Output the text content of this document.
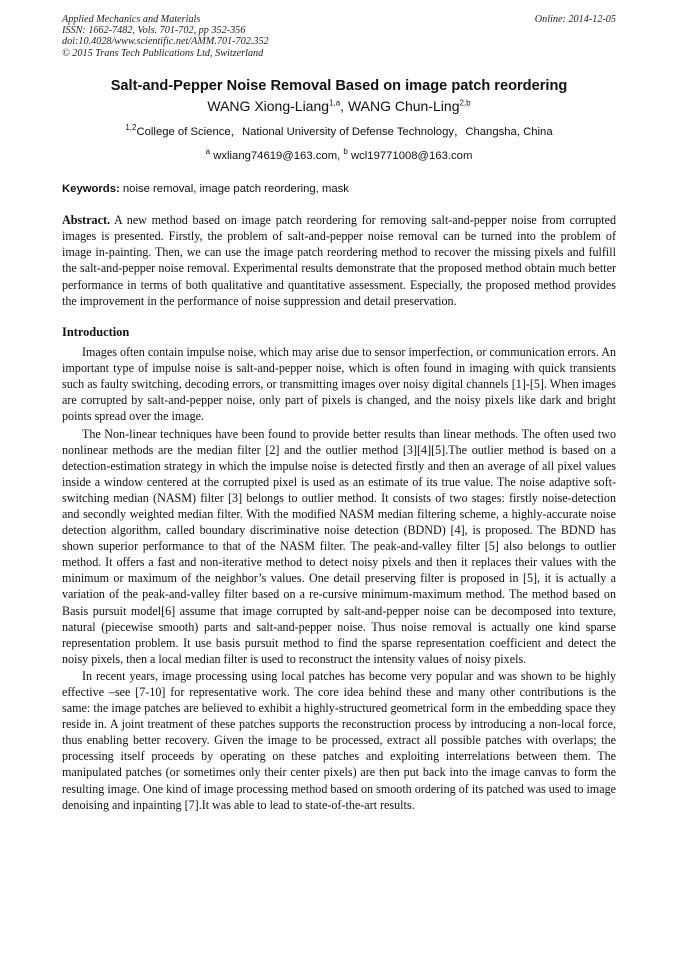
Applied Mechanics and Materials
ISSN: 1662-7482, Vols. 701-702, pp 352-356
doi:10.4028/www.scientific.net/AMM.701-702.352
© 2015 Trans Tech Publications Ltd, Switzerland
Online: 2014-12-05
Salt-and-Pepper Noise Removal Based on image patch reordering
WANG Xiong-Liang$^{1,a}$, WANG Chun-Ling$^{2,b}$
$^{1,2}$College of Science，National University of Defense Technology，Changsha, China
$^a$ wxliang74619@163.com, $^b$ wcl19771008@163.com
Keywords: noise removal, image patch reordering, mask
Abstract. A new method based on image patch reordering for removing salt-and-pepper noise from corrupted images is presented. Firstly, the problem of salt-and-pepper noise removal can be turned into the problem of image in-painting. Then, we can use the image patch reordering method to recover the missing pixels and fulfill the salt-and-pepper noise removal. Experimental results demonstrate that the proposed method obtain much better performance in terms of both qualitative and quantitative assessment. Especially, the proposed method provides the improvement in the performance of noise suppression and detail preservation.
Introduction
Images often contain impulse noise, which may arise due to sensor imperfection, or communication errors. An important type of impulse noise is salt-and-pepper noise, which is often found in imaging with quick transients such as faulty switching, decoding errors, or transmitting images over noisy digital channels [1]-[5]. When images are corrupted by salt-and-pepper noise, only part of pixels is changed, and the noisy pixels like dark and bright points spread over the image.
The Non-linear techniques have been found to provide better results than linear methods. The often used two nonlinear methods are the median filter [2] and the outlier method [3][4][5].The outlier method is based on a detection-estimation strategy in which the impulse noise is detected firstly and then an average of all pixel values inside a window centered at the corrupted pixel is used as an estimate of its true value. The noise adaptive soft-switching median (NASM) filter [3] belongs to outlier method. It consists of two stages: firstly noise-detection and secondly weighted median filter. With the modified NASM median filtering scheme, a highly-accurate noise detection algorithm, called boundary discriminative noise detection (BDND) [4], is proposed. The BDND has shown superior performance to that of the NASM filter. The peak-and-valley filter [5] also belongs to outlier method. It offers a fast and non-iterative method to detect noisy pixels and then it replaces their values with the minimum or maximum of the neighbor’s values. One detail preserving filter is proposed in [5], it is actually a variation of the peak-and-valley filter based on a re-cursive minimum-maximum method. The method based on Basis pursuit model[6] assume that image corrupted by salt-and-pepper noise can be decomposed into texture, natural (piecewise smooth) parts and salt-and-pepper noise. Thus noise removal is actually one kind sparse representation problem. It use basis pursuit method to find the sparse representation coefficient and detect the noisy pixels, then a local median filter is used to reconstruct the intensity values of noisy pixels.
In recent years, image processing using local patches has become very popular and was shown to be highly effective –see [7-10] for representative work. The core idea behind these and many other contributions is the same: the image patches are believed to exhibit a highly-structured geometrical form in the embedding space they reside in. A joint treatment of these patches supports the reconstruction process by introducing a non-local force, thus enabling better recovery. Given the image to be processed, extract all possible patches with overlaps; the processing itself proceeds by operating on these patches and exploiting interrelations between them. The manipulated patches (or sometimes only their center pixels) are then put back into the image canvas to form the resulting image. One kind of image processing method based on smooth ordering of its patched was used to image denoising and inpainting [7].It was able to lead to state-of-the-art results.
